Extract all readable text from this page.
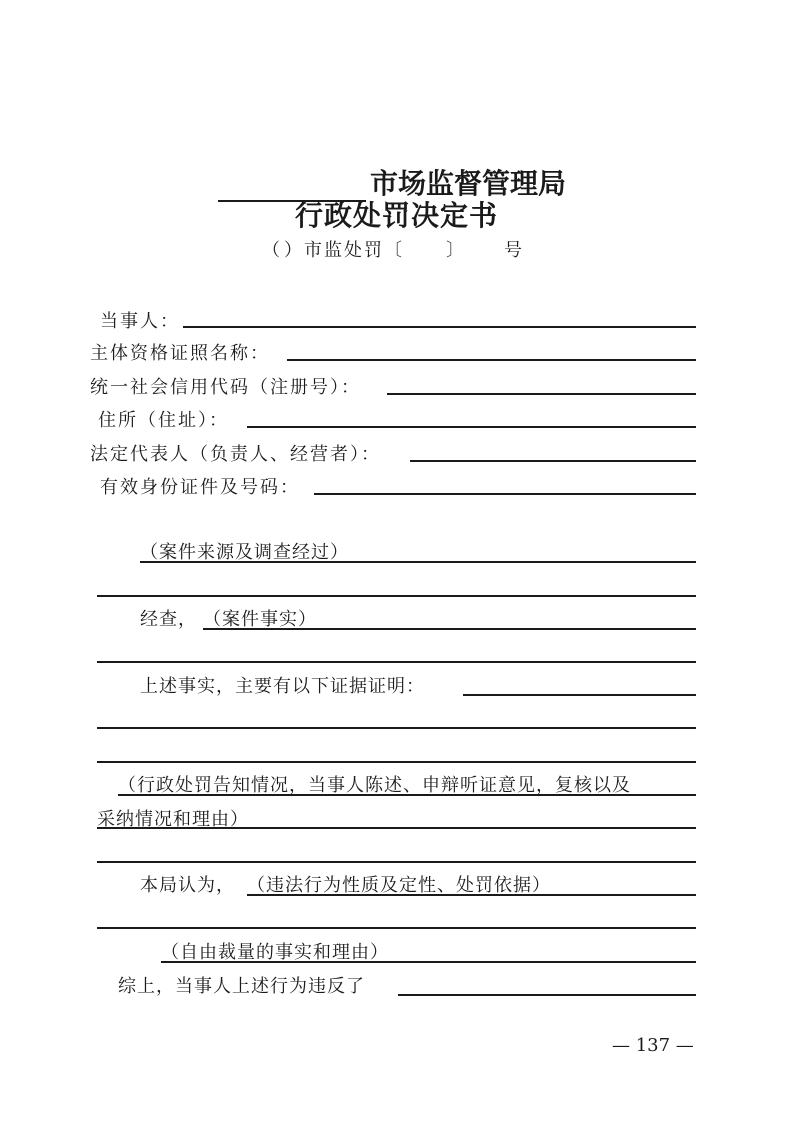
市场监督管理局
行政处罚决定书
（ ）市监处罚〔 〕 号
当事人：
主体资格证照名称：
统一社会信用代码（注册号）：
住所（住址）：
法定代表人（负责人、经营者）：
有效身份证件及号码：
（案件来源及调查经过）
经查， （案件事实）
上述事实，主要有以下证据证明：
（行政处罚告知情况，当事人陈述、申辩听证意见，复核以及
采纳情况和理由）
本局认为， （违法行为性质及定性、处罚依据）
（自由裁量的事实和理由）
综上，当事人上述行为违反了
— 137 —
